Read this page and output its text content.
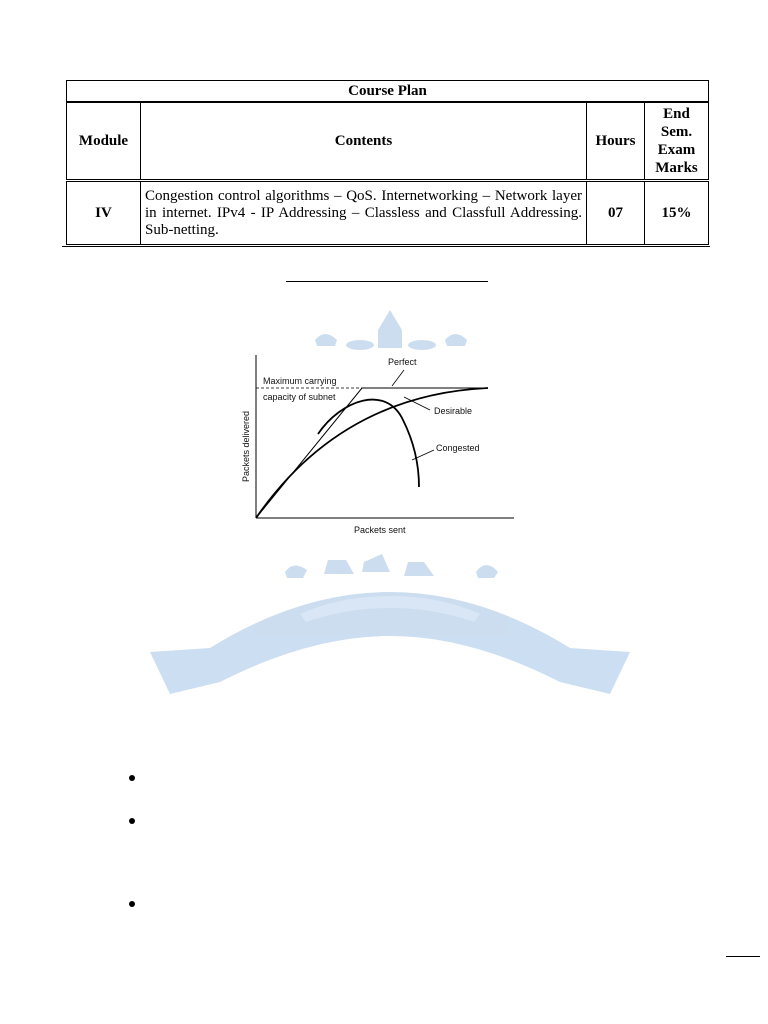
Course Plan			
Module	Contents	Hours	End
Sem.
Exam
Marks
IV	Congestion control algorithms – QoS. Internetworking – Network layer in internet. IPv4 - IP Addressing – Classless and Classfull Addressing. Sub-netting.	07	15%
Maximum carrying
capacity of subnet
Perfect
Desirable
Congested
Packets sent
Packets delivered
